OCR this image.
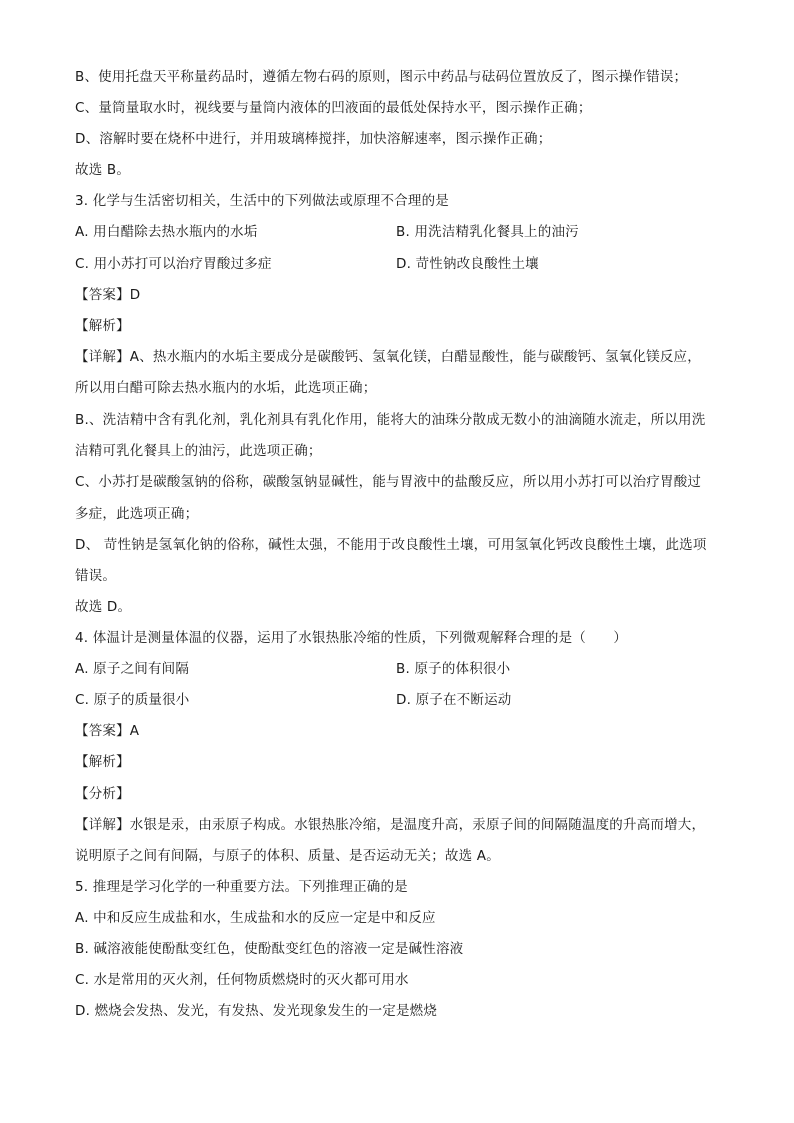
B、使用托盘天平称量药品时，遵循左物右码的原则，图示中药品与砝码位置放反了，图示操作错误；
C、量筒量取水时，视线要与量筒内液体的凹液面的最低处保持水平，图示操作正确；
D、溶解时要在烧杯中进行，并用玻璃棒搅拌，加快溶解速率，图示操作正确；
故选 B。
3. 化学与生活密切相关，生活中的下列做法或原理不合理的是
A. 用白醋除去热水瓶内的水垢	B. 用洗洁精乳化餐具上的油污
C. 用小苏打可以治疗胃酸过多症	D. 苛性钠改良酸性土壤
【答案】D
【解析】
【详解】A、热水瓶内的水垢主要成分是碳酸钙、氢氧化镁，白醋显酸性，能与碳酸钙、氢氧化镁反应，
所以用白醋可除去热水瓶内的水垢，此选项正确；
B.、洗洁精中含有乳化剂，乳化剂具有乳化作用，能将大的油珠分散成无数小的油滴随水流走，所以用洗
洁精可乳化餐具上的油污，此选项正确；
C、小苏打是碳酸氢钠的俗称，碳酸氢钠显碱性，能与胃液中的盐酸反应，所以用小苏打可以治疗胃酸过
多症，此选项正确；
D、 苛性钠是氢氧化钠的俗称，碱性太强，不能用于改良酸性土壤，可用氢氧化钙改良酸性土壤，此选项
错误。
故选 D。
4. 体温计是测量体温的仪器，运用了水银热胀冷缩的性质，下列微观解释合理的是（　　）
A. 原子之间有间隔	B. 原子的体积很小
C. 原子的质量很小	D. 原子在不断运动
【答案】A
【解析】
【分析】
【详解】水银是汞，由汞原子构成。水银热胀冷缩，是温度升高，汞原子间的间隔随温度的升高而增大，
说明原子之间有间隔，与原子的体积、质量、是否运动无关；故选 A。
5. 推理是学习化学的一种重要方法。下列推理正确的是
A. 中和反应生成盐和水，生成盐和水的反应一定是中和反应
B. 碱溶液能使酚酞变红色，使酚酞变红色的溶液一定是碱性溶液
C. 水是常用的灭火剂，任何物质燃烧时的灭火都可用水
D. 燃烧会发热、发光，有发热、发光现象发生的一定是燃烧
